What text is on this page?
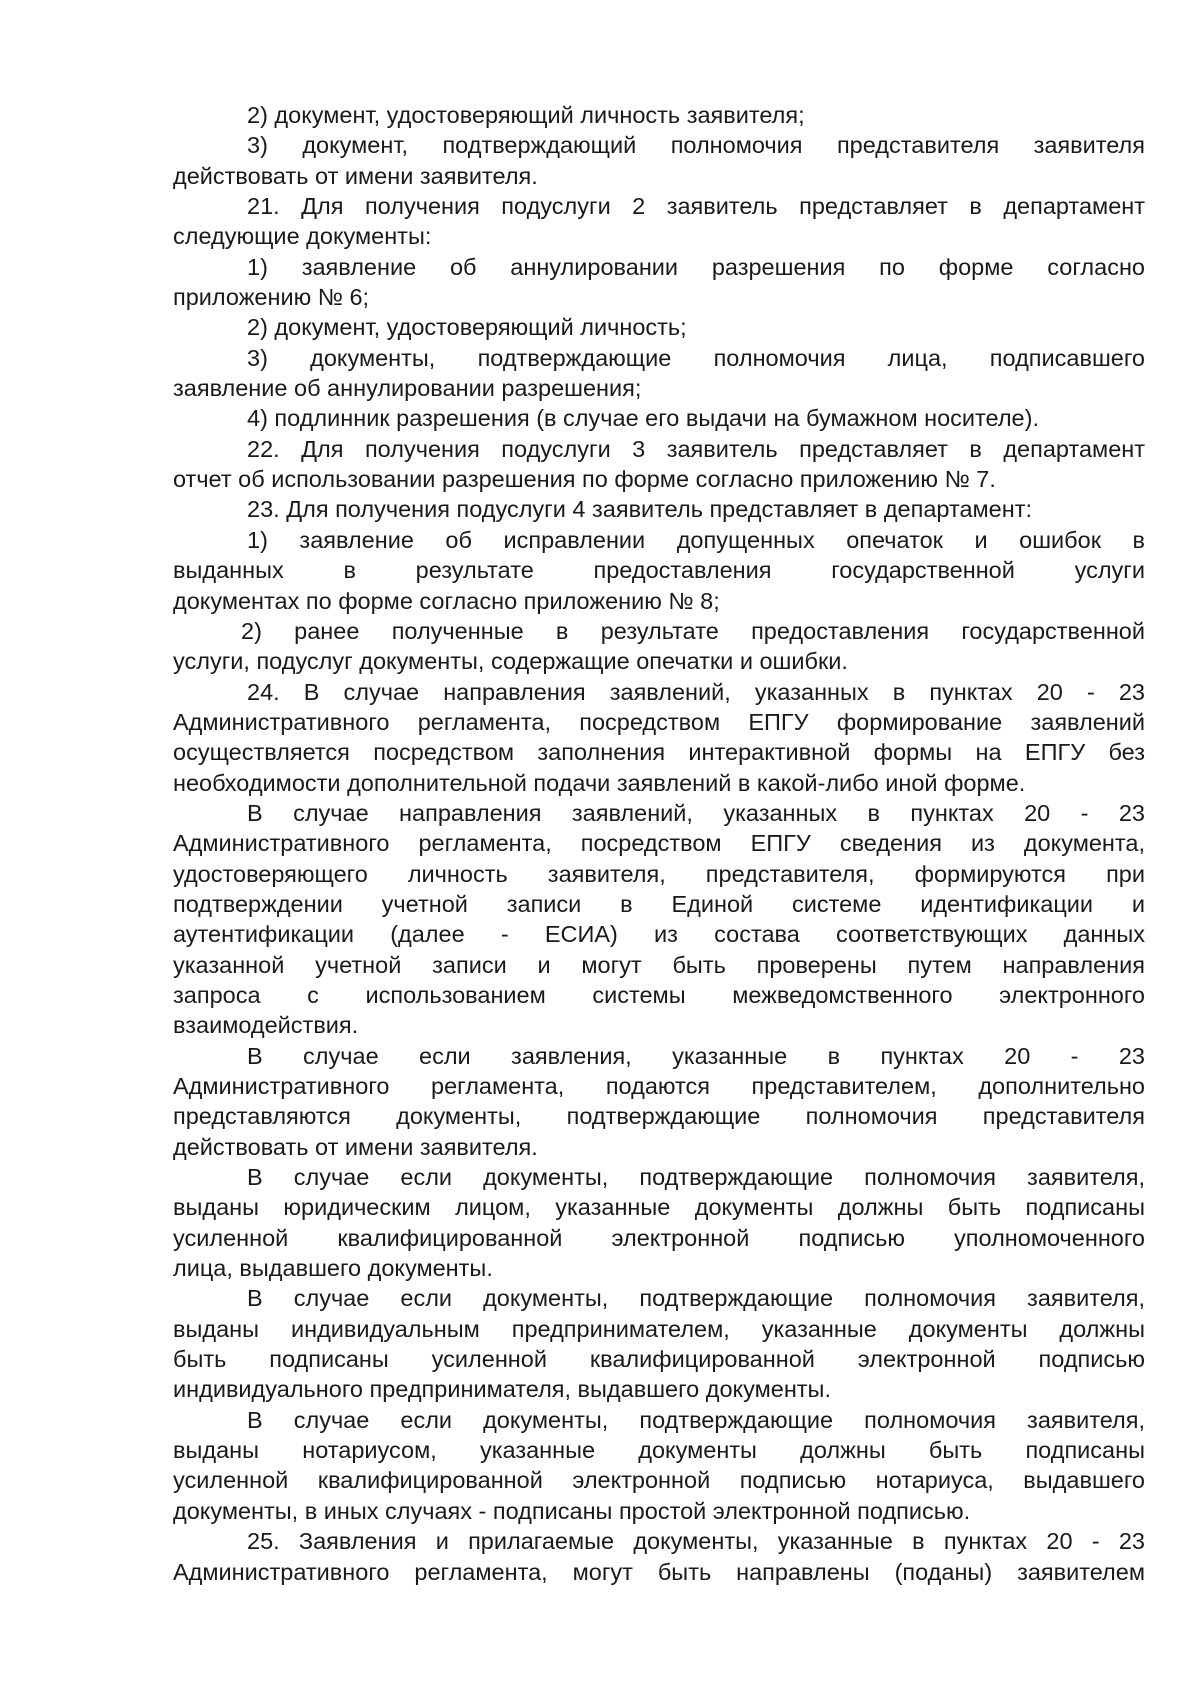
2) документ, удостоверяющий личность заявителя;
3) документ, подтверждающий полномочия представителя заявителя
действовать от имени заявителя.
21. Для получения подуслуги 2 заявитель представляет в департамент
следующие документы:
1) заявление об аннулировании разрешения по форме согласно
приложению № 6;
2) документ, удостоверяющий личность;
3) документы, подтверждающие полномочия лица, подписавшего
заявление об аннулировании разрешения;
4) подлинник разрешения (в случае его выдачи на бумажном носителе).
22. Для получения подуслуги 3 заявитель представляет в департамент
отчет об использовании разрешения по форме согласно приложению № 7.
23. Для получения подуслуги 4 заявитель представляет в департамент:
1) заявление об исправлении допущенных опечаток и ошибок в
выданных в результате предоставления государственной услуги
документах по форме согласно приложению № 8;
2) ранее полученные в результате предоставления государственной
услуги, подуслуг документы, содержащие опечатки и ошибки.
24. В случае направления заявлений, указанных в пунктах 20 - 23
Административного регламента, посредством ЕПГУ формирование заявлений
осуществляется посредством заполнения интерактивной формы на ЕПГУ без
необходимости дополнительной подачи заявлений в какой-либо иной форме.
В случае направления заявлений, указанных в пунктах 20 - 23
Административного регламента, посредством ЕПГУ сведения из документа,
удостоверяющего личность заявителя, представителя, формируются при
подтверждении учетной записи в Единой системе идентификации и
аутентификации (далее - ЕСИА) из состава соответствующих данных
указанной учетной записи и могут быть проверены путем направления
запроса с использованием системы межведомственного электронного
взаимодействия.
В случае если заявления, указанные в пунктах 20 - 23
Административного регламента, подаются представителем, дополнительно
представляются документы, подтверждающие полномочия представителя
действовать от имени заявителя.
В случае если документы, подтверждающие полномочия заявителя,
выданы юридическим лицом, указанные документы должны быть подписаны
усиленной квалифицированной электронной подписью уполномоченного
лица, выдавшего документы.
В случае если документы, подтверждающие полномочия заявителя,
выданы индивидуальным предпринимателем, указанные документы должны
быть подписаны усиленной квалифицированной электронной подписью
индивидуального предпринимателя, выдавшего документы.
В случае если документы, подтверждающие полномочия заявителя,
выданы нотариусом, указанные документы должны быть подписаны
усиленной квалифицированной электронной подписью нотариуса, выдавшего
документы, в иных случаях - подписаны простой электронной подписью.
25. Заявления и прилагаемые документы, указанные в пунктах 20 - 23
Административного регламента, могут быть направлены (поданы) заявителем
